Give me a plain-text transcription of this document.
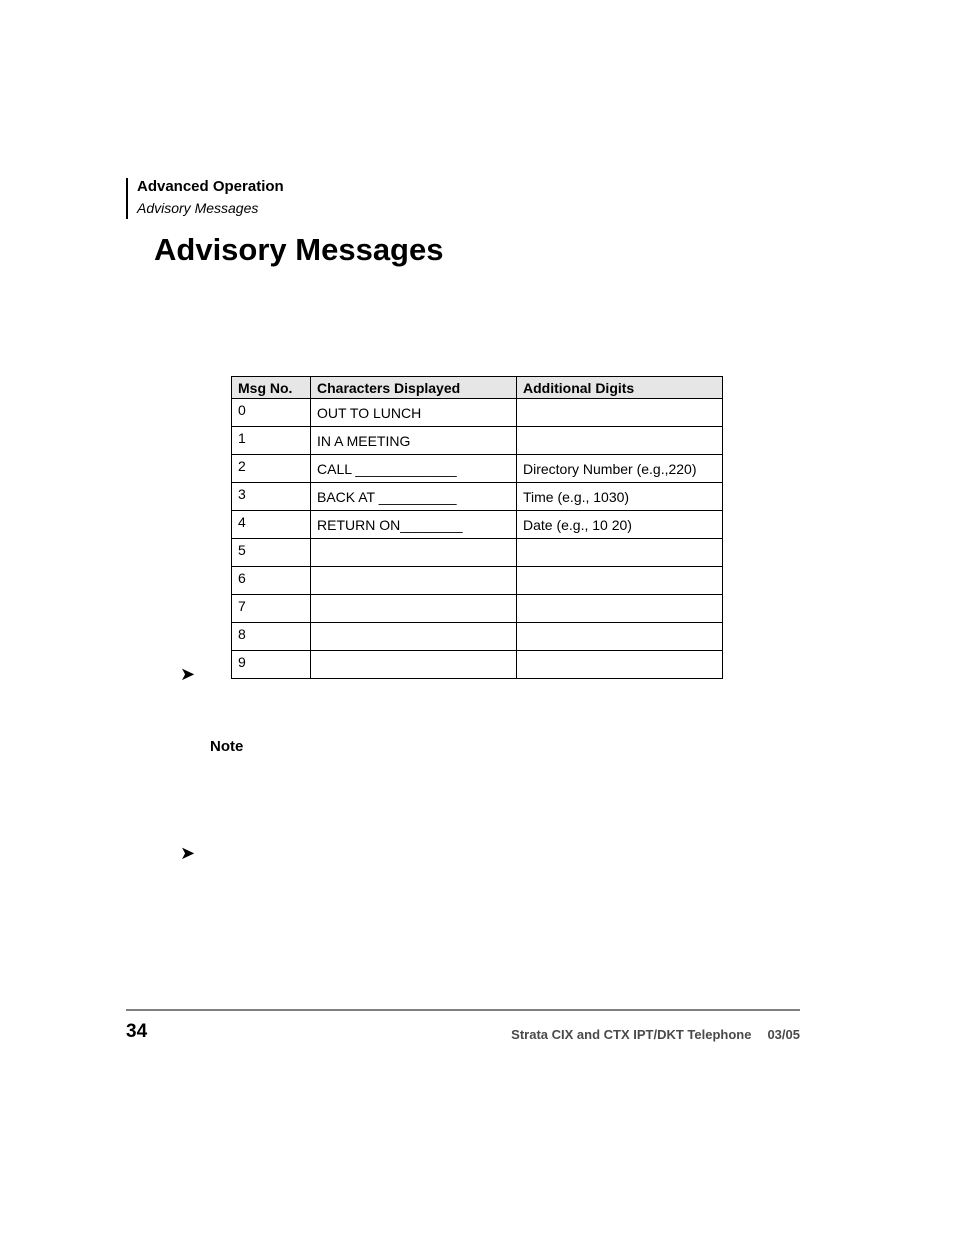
Advanced Operation
Advisory Messages
Advisory Messages
Msg No.	Characters Displayed	Additional Digits
0	OUT TO LUNCH	
1	IN A MEETING	
2	CALL _____________	Directory Number (e.g.,220)
3	BACK AT __________	Time (e.g., 1030)
4	RETURN ON________	Date (e.g., 10 20)
5		
6		
7		
8		
9		
➤
Note
➤
34	Strata CIX and CTX IPT/DKT Telephone 03/05
